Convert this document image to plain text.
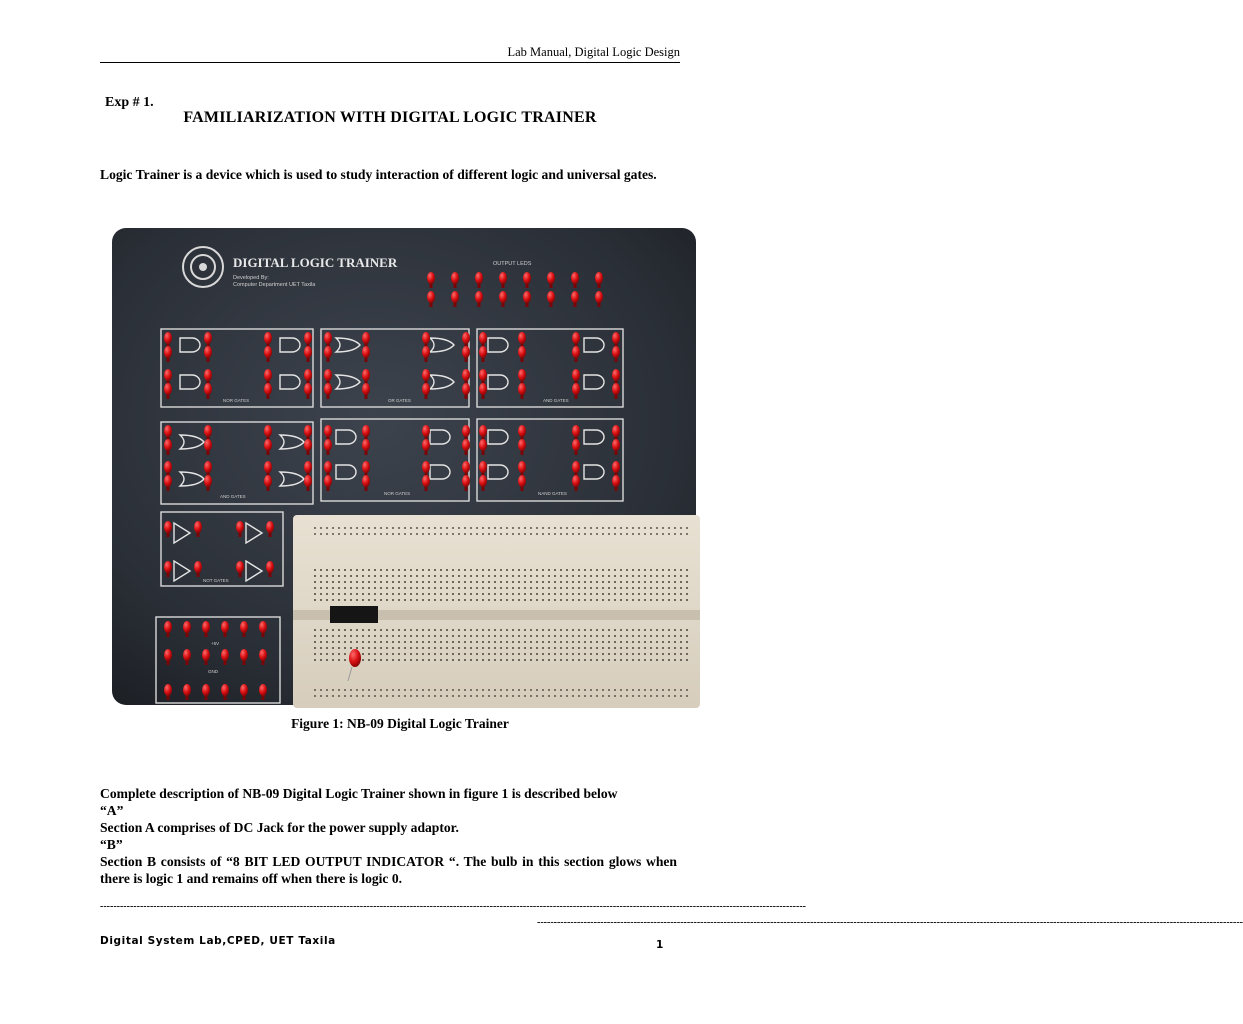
Lab Manual, Digital Logic Design
Exp # 1.
FAMILIARIZATION WITH DIGITAL LOGIC TRAINER
Logic Trainer is a device which is used to study interaction of different logic and universal gates.
DIGITAL LOGIC TRAINER
Developed By:
Computer Department UET Taxila
OUTPUT LEDS
NOR GATES	OR GATES	AND GATES
AND GATES
NOR GATES	NAND GATES
NOT GATES
+5V
GND
Figure 1: NB-09 Digital Logic Trainer

Complete description of NB-09 Digital Logic Trainer shown in figure 1 is described below

“A”

Section A comprises of DC Jack for the power supply adaptor.

“B”

Section B consists of “8 BIT LED OUTPUT INDICATOR “. The bulb in this section glows when there is logic 1 and remains off when there is logic 0.

--------------------------------------------------------------------------------------------------------------------------------------------------------------------------------------------------------------------
--------------------------------------------------------------------------------------------------------------------------------------------------------------------------------------------------------------------
Digital System Lab,CPED, UET Taxila	1
